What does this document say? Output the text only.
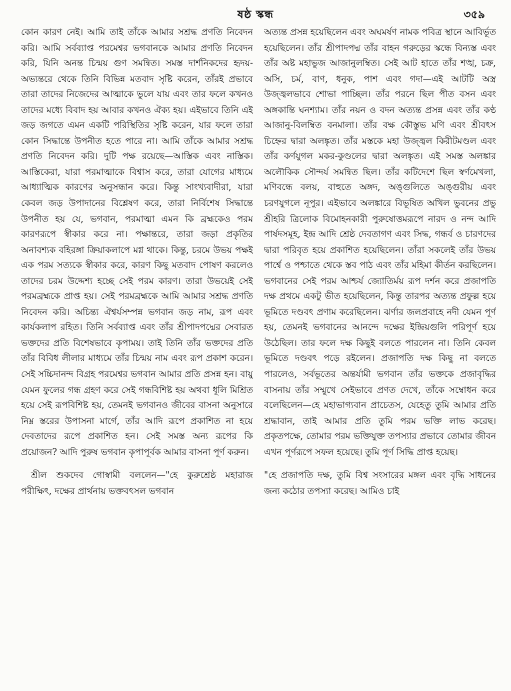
ষষ্ঠ স্কন্ধ	৩৫৯

কোন কারণ নেই। আমি তাই তাঁকে আমার সশ্রদ্ধ প্রণতি নিবেদন করি। আমি সর্বব্যাপ্ত পরমেশ্বর ভগবানকে আমার প্রণতি নিবেদন করি, যিনি অনন্ত চিন্ময় গুণ সমন্বিত। সমস্ত দার্শনিকদের হৃদয়-অভ্যন্তরে থেকে তিনি বিভিন্ন মতবাদ সৃষ্টি করেন, তাঁরই প্রভাবে তারা তাদের নিজেদের আত্মাকে ভুলে যায় এবং তার ফলে কখনও তাদের মধ্যে বিবাদ হয় আবার কখনও ঐক্য হয়। এইভাবে তিনি এই জড় জগতে এমন একটি পরিস্থিতির সৃষ্টি করেন, যার ফলে তারা কোন সিদ্ধান্তে উপনীত হতে পারে না। আমি তাঁকে আমার সশ্রদ্ধ প্রণতি নিবেদন করি। দুটি পক্ষ রয়েছে—আস্তিক এবং নাস্তিক। আস্তিকেরা, যারা পরমাত্মাকে বিশ্বাস করে, তারা যোগের মাধ্যমে আধ্যাত্মিক কারণের অনুসন্ধান করে। কিন্তু সাংখ্যবাদীরা, যারা কেবল জড় উপাদানের বিশ্লেষণ করে, তারা নির্বিশেষ সিদ্ধান্তে উপনীত হয় যে, ভগবান, পরমাত্মা এমন কি ব্রহ্মকেও পরম কারণরূপে স্বীকার করে না। পক্ষান্তরে, তারা জড়া প্রকৃতির অনাবশ্যক বহিরঙ্গা ক্রিয়াকলাপে মগ্ন থাকে। কিন্তু, চরমে উভয় পক্ষই এক পরম সত্যকে স্বীকার করে, কারণ কিছু মতবাদ পোষণ করলেও তাদের চরম উদ্দেশ্য হচ্ছে সেই পরম কারণ। তারা উভয়েই সেই পরমব্রহ্মকে প্রাপ্ত হয়। সেই পরমব্রহ্মকে আমি আমার সশ্রদ্ধ প্রণতি নিবেদন করি। অচিন্ত্য ঐশ্বর্যসম্পন্ন ভগবান জড় নাম, রূপ এবং কার্যকলাপ রহিত। তিনি সর্বব্যাপ্ত এবং তাঁর শ্রীপাদপদ্মের সেবারত ভক্তদের প্রতি বিশেষভাবে কৃপাময়। তাই তিনি তাঁর ভক্তদের প্রতি তাঁর বিবিধ লীলার মাধ্যমে তাঁর চিন্ময় নাম এবং রূপ প্রকাশ করেন। সেই সচ্চিদানন্দ বিগ্রহ পরমেশ্বর ভগবান আমার প্রতি প্রসন্ন হন। বায়ু যেমন ফুলের গন্ধ গ্রহণ করে সেই গন্ধবিশিষ্ট হয় অথবা ধূলি মিশ্রিত হয়ে সেই রূপবিশিষ্ট হয়, তেমনই ভগবানও জীবের বাসনা অনুসারে নিম্ন স্তরের উপাসনা মার্গে, তাঁর আদি রূপে প্রকাশিত না হয়ে দেবতাদের রূপে প্রকাশিত হন। সেই সমস্ত অন্য রূপের কি প্রয়োজন? আদি পুরুষ ভগবান কৃপাপূর্বক আমার বাসনা পূর্ণ করুন।

শ্রীল শুকদেব গোস্বামী বললেন—"হে কুরুশ্রেষ্ঠ মহারাজ পরীক্ষিৎ, দক্ষের প্রার্থনায় ভক্তবৎসল ভগবান

অত্যন্ত প্রসন্ন হয়েছিলেন এবং অঘমর্ষণ নামক পবিত্র স্থানে আবির্ভূত হয়েছিলেন। তাঁর শ্রীপাদপদ্ম তাঁর বাহন গরুড়ের স্কন্ধে বিন্যস্ত এবং তাঁর অষ্ট মহাভুজ আজানুলম্বিত। সেই আট হাতে তাঁর শঙ্খ, চক্র, অসি, চর্ম, বাণ, ধনুক, পাশ এবং গদা—এই আটটি অস্ত্র উজ্জ্বলভাবে শোভা পাচ্ছিল। তাঁর পরনে ছিল পীত বসন এবং অঙ্গকান্তি ঘনশ্যাম। তাঁর নয়ন ও বদন অত্যন্ত প্রসন্ন এবং তাঁর কণ্ঠ আজানু-বিলম্বিত বনমালা। তাঁর বক্ষ কৌস্তুভ মণি এবং শ্রীবৎস চিহ্নের দ্বারা অলঙ্কৃত। তাঁর মস্তকে মহা উজ্জ্বল কিরীটমণ্ডল এবং তাঁর কর্ণযুগল মকর-কুণ্ডলের দ্বারা অলঙ্কৃত। এই সমস্ত অলঙ্কার অলৌকিক সৌন্দর্য সমন্বিত ছিল। তাঁর কটিদেশে ছিল স্বর্ণমেখলা, মণিবন্ধে বলয়, বাহুতে অঙ্গদ, অঙ্গুলিতে অঙ্গুরীয় এবং চরণযুগলে নূপুর। এইভাবে অলঙ্কারে বিভূষিত অখিল ভুবনের প্রভু শ্রীহরি ত্রিলোক বিমোহনকারী পুরুষোত্তমরূপে নারদ ও নন্দ আদি পার্ষদসমূহ, ইন্দ্র আদি শ্রেষ্ঠ দেবতাগণ এবং সিদ্ধ, গন্ধর্ব ও চারণদের দ্বারা পরিবৃত হয়ে প্রকাশিত হয়েছিলেন। তাঁরা সকলেই তাঁর উভয় পার্শ্বে ও পশ্চাতে থেকে স্তব পাঠ এবং তাঁর মহিমা কীর্তন করছিলেন। ভগবানের সেই পরম আশ্চর্য জ্যোতির্ময় রূপ দর্শন করে প্রজাপতি দক্ষ প্রথমে একটু ভীত হয়েছিলেন, কিন্তু তারপর অত্যন্ত প্রফুল্ল হয়ে ভূমিতে দণ্ডবৎ প্রণাম করেছিলেন। ঝর্ণার জলপ্রবাহে নদী যেমন পূর্ণ হয়, তেমনই ভগবানের আনন্দে দক্ষের ইন্দ্রিয়গুলি পরিপূর্ণ হয়ে উঠেছিল। তার ফলে দক্ষ কিছুই বলতে পারলেন না। তিনি কেবল ভূমিতে দণ্ডবৎ পড়ে রইলেন। প্রজাপতি দক্ষ কিছু না বলতে পারলেও, সর্বভূতের অন্তর্যামী ভগবান তাঁর ভক্তকে প্রজাবৃদ্ধির বাসনায় তাঁর সম্মুখে সেইভাবে প্রণত দেখে, তাঁকে সম্বোধন করে বলেছিলেন—হে মহাভাগ্যবান প্রাচেতস, যেহেতু তুমি আমার প্রতি শ্রদ্ধাবান, তাই আমার প্রতি তুমি পরম ভক্তি লাভ করেছ। প্রকৃতপক্ষে, তোমার পরম ভক্তিযুক্ত তপস্যার প্রভাবে তোমার জীবন এখন পূর্ণরূপে সফল হয়েছে। তুমি পূর্ণ সিদ্ধি প্রাপ্ত হয়েছ।

"হে প্রজাপতি দক্ষ, তুমি বিশ্ব সংসারের মঙ্গল এবং বৃদ্ধি সাধনের জন্য কঠোর তপস্যা করেছ। আমিও চাই
